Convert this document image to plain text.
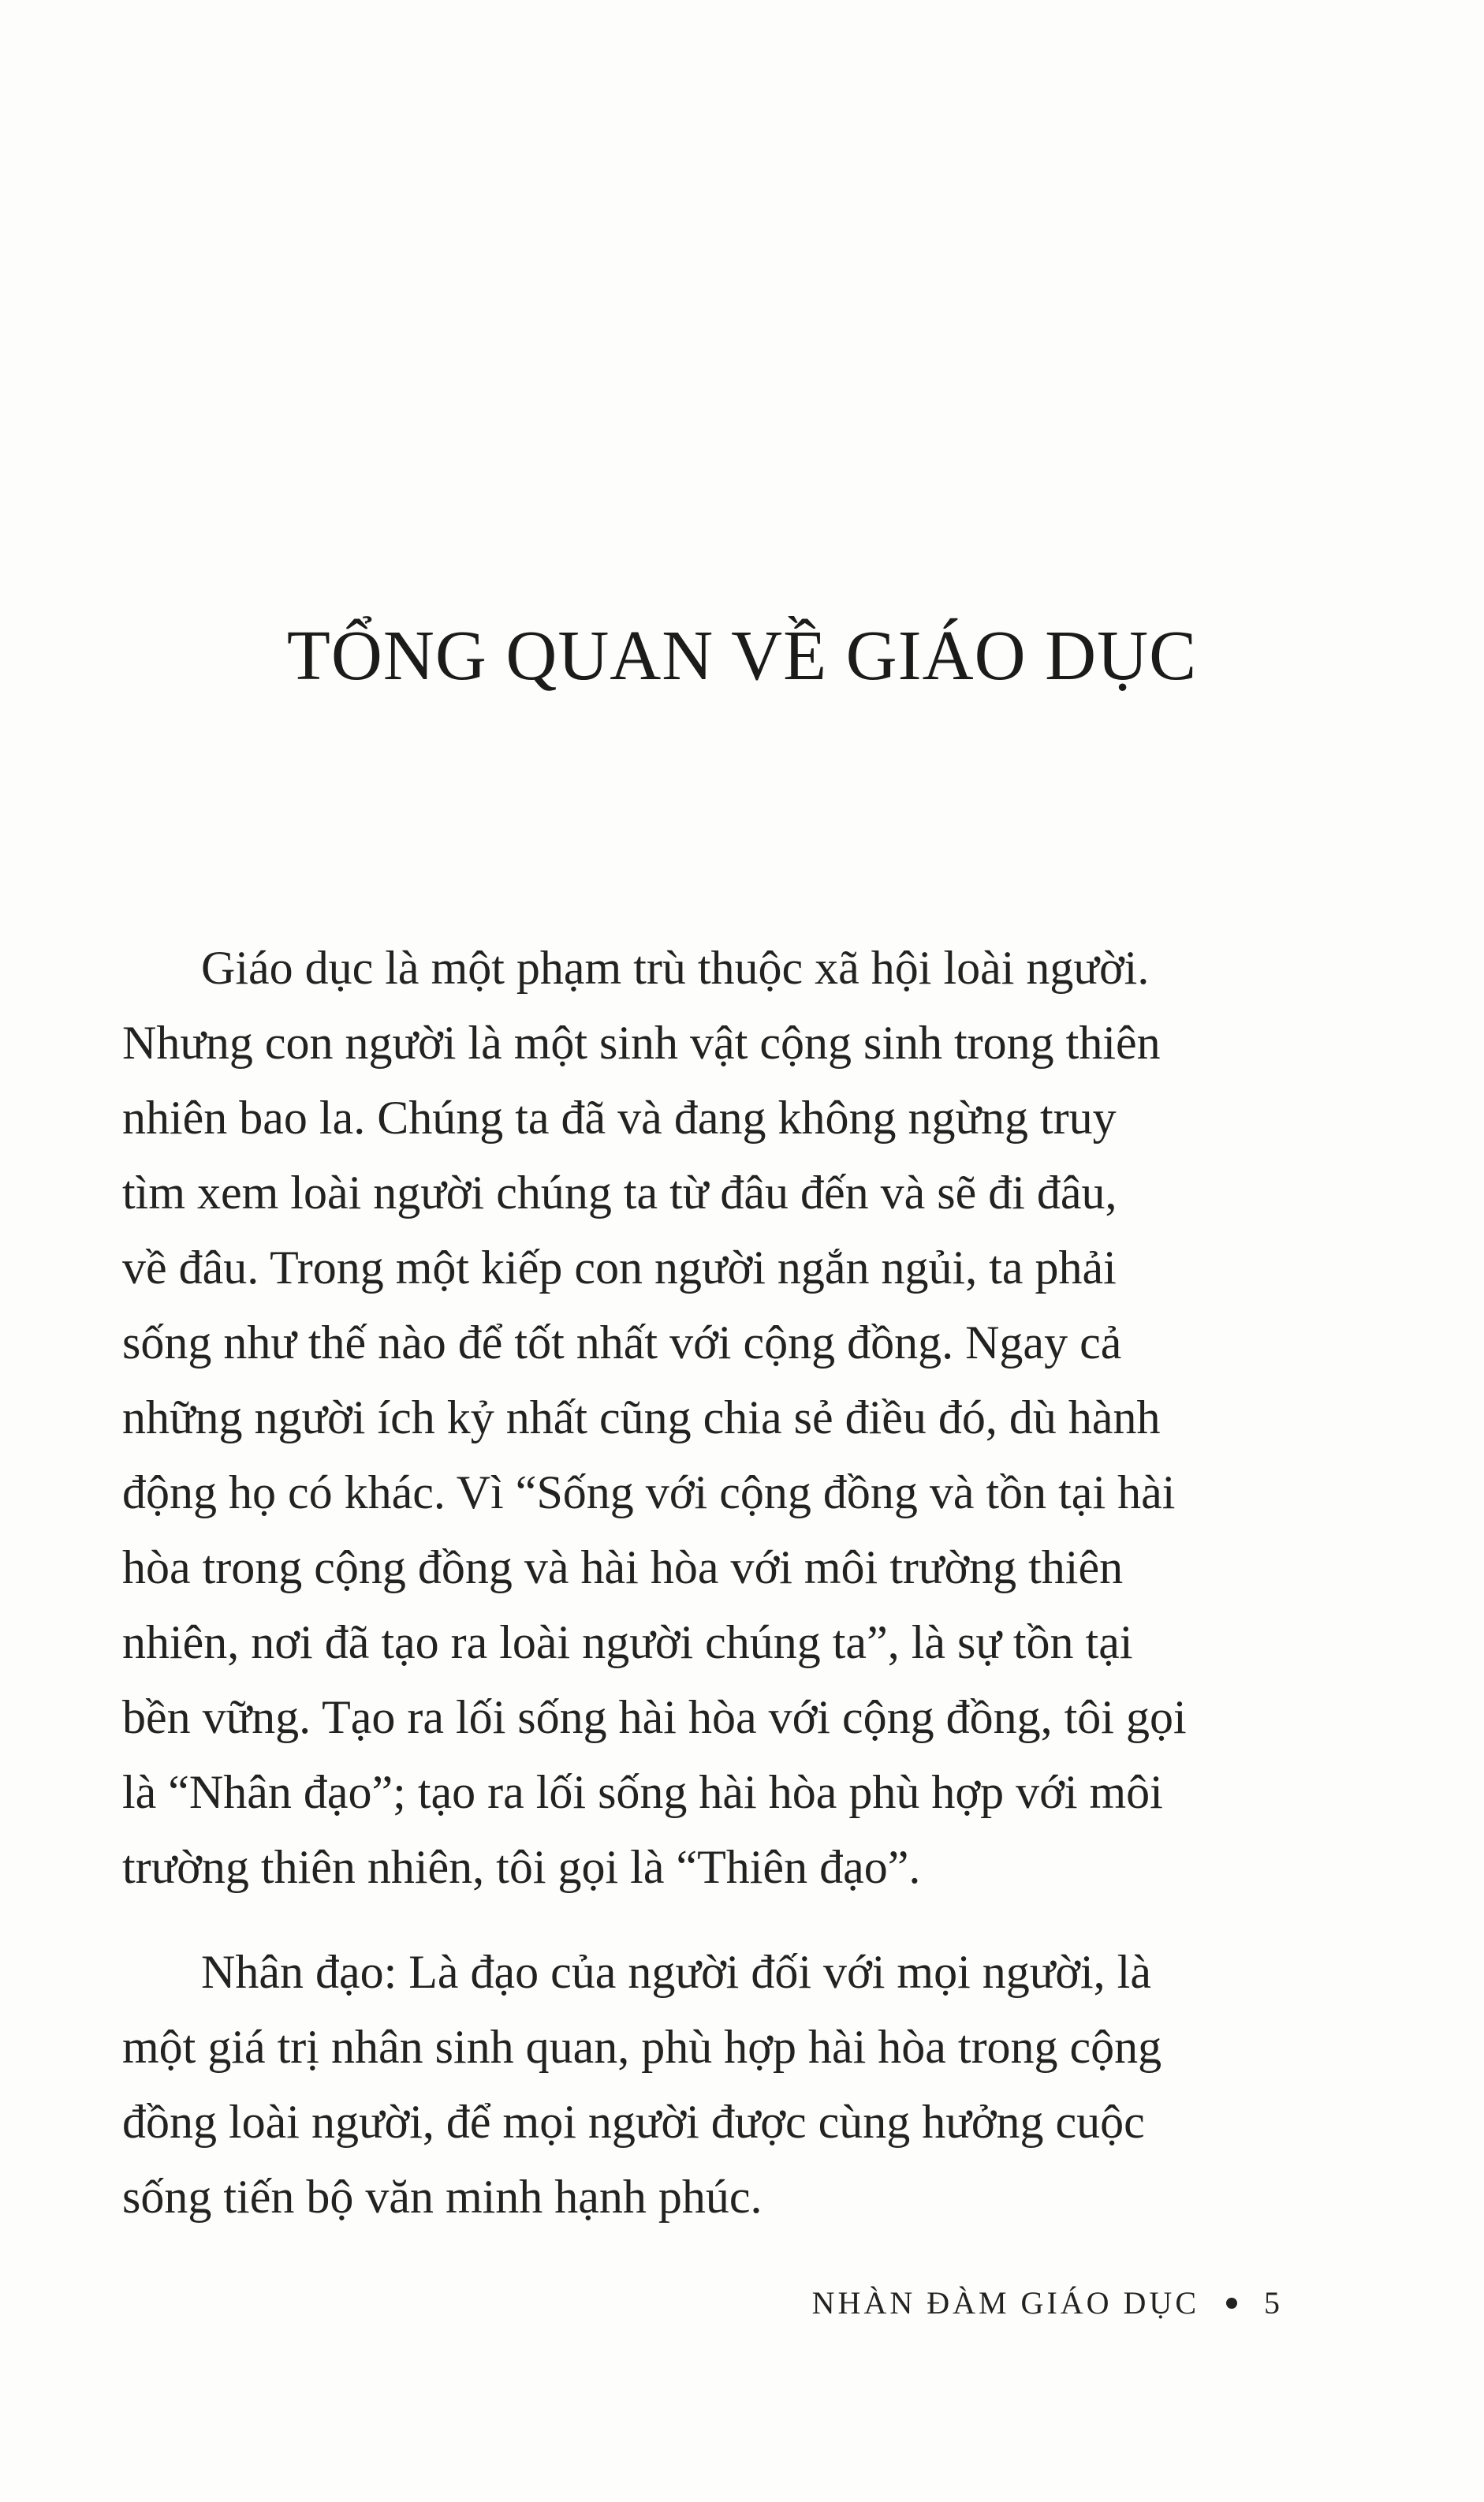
TỔNG QUAN VỀ GIÁO DỤC
Giáo dục là một phạm trù thuộc xã hội loài người.
Nhưng con người là một sinh vật cộng sinh trong thiên
nhiên bao la. Chúng ta đã và đang không ngừng truy
tìm xem loài người chúng ta từ đâu đến và sẽ đi đâu,
về đâu. Trong một kiếp con người ngắn ngủi, ta phải
sống như thế nào để tốt nhất với cộng đồng. Ngay cả
những người ích kỷ nhất cũng chia sẻ điều đó, dù hành
động họ có khác. Vì “Sống với cộng đồng và tồn tại hài
hòa trong cộng đồng và hài hòa với môi trường thiên
nhiên, nơi đã tạo ra loài người chúng ta”, là sự tồn tại
bền vững. Tạo ra lối sống hài hòa với cộng đồng, tôi gọi
là “Nhân đạo”; tạo ra lối sống hài hòa phù hợp với môi
trường thiên nhiên, tôi gọi là “Thiên đạo”.
Nhân đạo: Là đạo của người đối với mọi người, là
một giá trị nhân sinh quan, phù hợp hài hòa trong cộng
đồng loài người, để mọi người được cùng hưởng cuộc
sống tiến bộ văn minh hạnh phúc.
NHÀN ĐÀM GIÁO DỤC 5
